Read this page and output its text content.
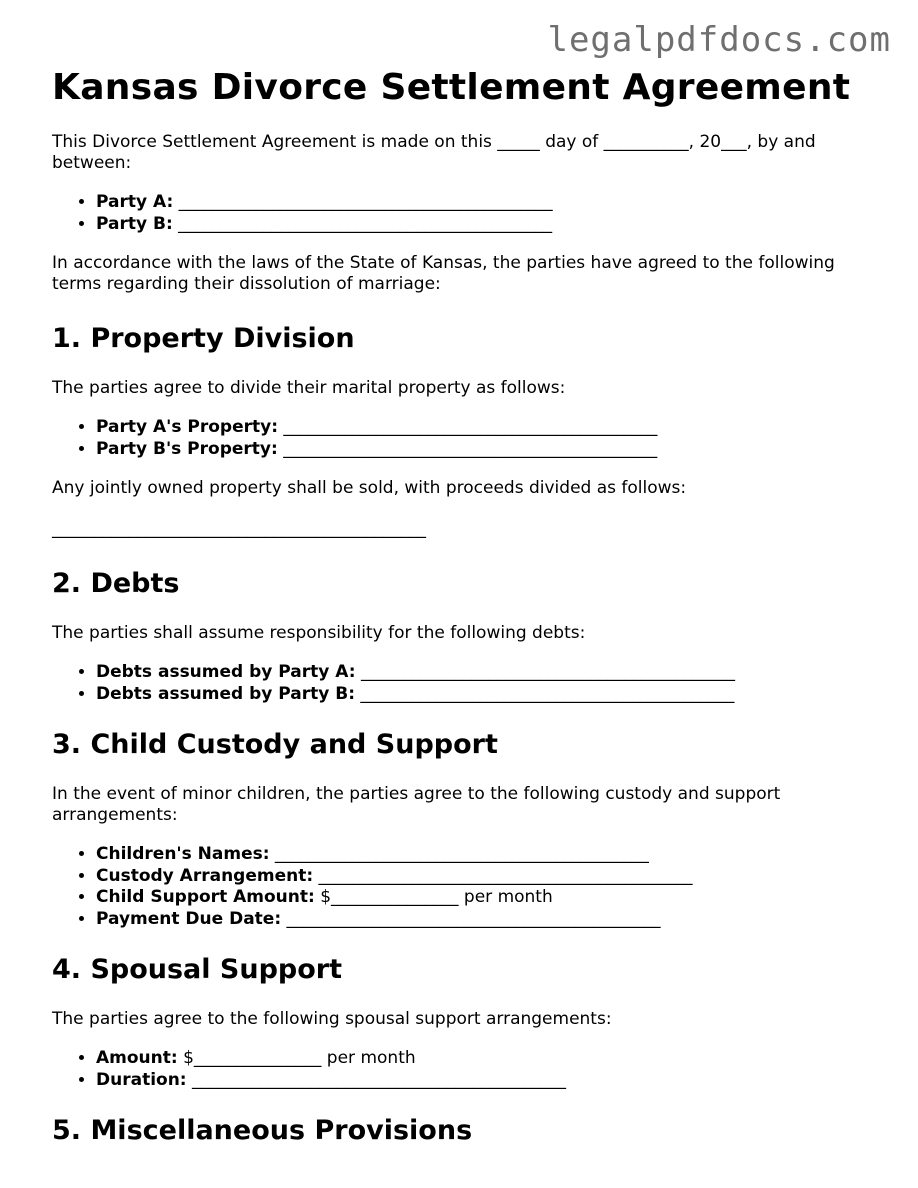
legalpdfdocs.com

Kansas Divorce Settlement Agreement

This Divorce Settlement Agreement is made on this _____ day of __________, 20___, by and between:

• Party A: ____________________________________________
• Party B: ____________________________________________

In accordance with the laws of the State of Kansas, the parties have agreed to the following terms regarding their dissolution of marriage:

1. Property Division

The parties agree to divide their marital property as follows:

• Party A's Property: ____________________________________________
• Party B's Property: ____________________________________________

Any jointly owned property shall be sold, with proceeds divided as follows:

____________________________________________

2. Debts

The parties shall assume responsibility for the following debts:

• Debts assumed by Party A: ____________________________________________
• Debts assumed by Party B: ____________________________________________
3. Child Custody and Support

In the event of minor children, the parties agree to the following custody and support arrangements:

• Children's Names: ____________________________________________
• Custody Arrangement: ____________________________________________
• Child Support Amount: $_______________ per month
• Payment Due Date: ____________________________________________
4. Spousal Support

The parties agree to the following spousal support arrangements:

• Amount: $_______________ per month
• Duration: ____________________________________________
5. Miscellaneous Provisions
